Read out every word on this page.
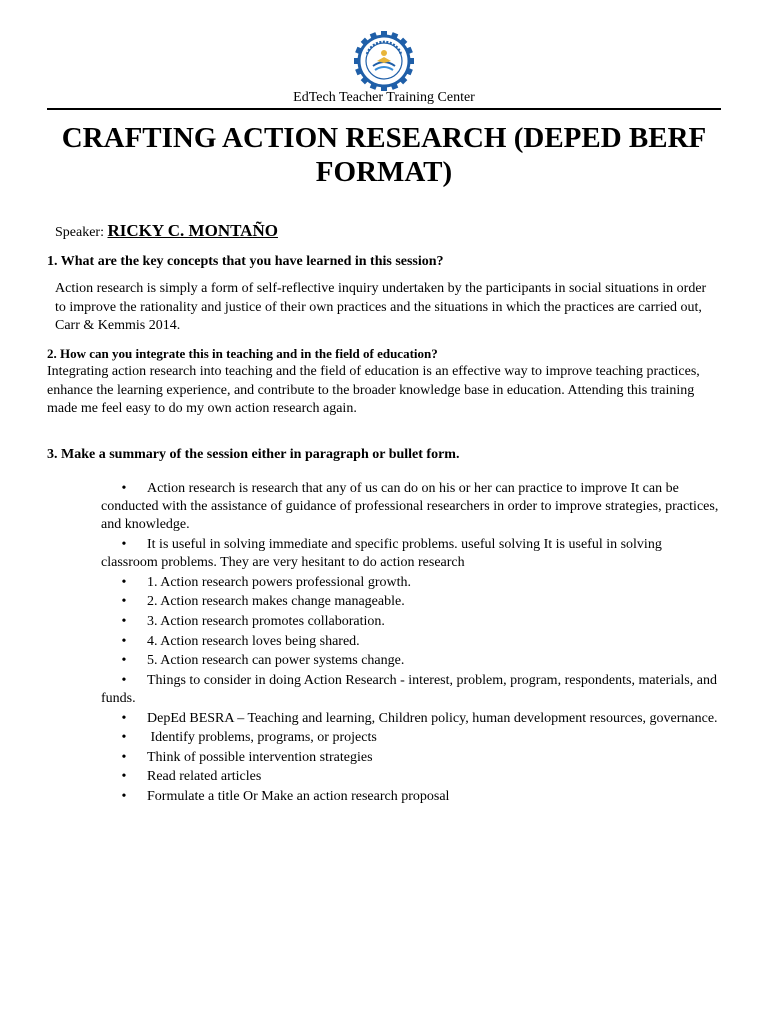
EdTech Teacher Training Center
CRAFTING ACTION RESEARCH (DEPED BERF FORMAT)
Speaker: RICKY C. MONTAÑO

1. What are the key concepts that you have learned in this session?

Action research is simply a form of self-reflective inquiry undertaken by the participants in social situations in order to improve the rationality and justice of their own practices and the situations in which the practices are carried out, Carr & Kemmis 2014.

2. How can you integrate this in teaching and in the field of education?

Integrating action research into teaching and the field of education is an effective way to improve teaching practices, enhance the learning experience, and contribute to the broader knowledge base in education. Attending this training made me feel easy to do my own action research again.

3. Make a summary of the session either in paragraph or bullet form.

• Action research is research that any of us can do on his or her can practice to improve It can be conducted with the assistance of guidance of professional researchers in order to improve strategies, practices, and knowledge.
• It is useful in solving immediate and specific problems. useful solving It is useful in solving classroom problems. They are very hesitant to do action research
• 1. Action research powers professional growth.
• 2. Action research makes change manageable.
• 3. Action research promotes collaboration.
• 4. Action research loves being shared.
• 5. Action research can power systems change.
• Things to consider in doing Action Research - interest, problem, program, respondents, materials, and funds.
• DepEd BESRA – Teaching and learning, Children policy, human development resources, governance.
• Identify problems, programs, or projects
• Think of possible intervention strategies
• Read related articles
• Formulate a title Or Make an action research proposal
